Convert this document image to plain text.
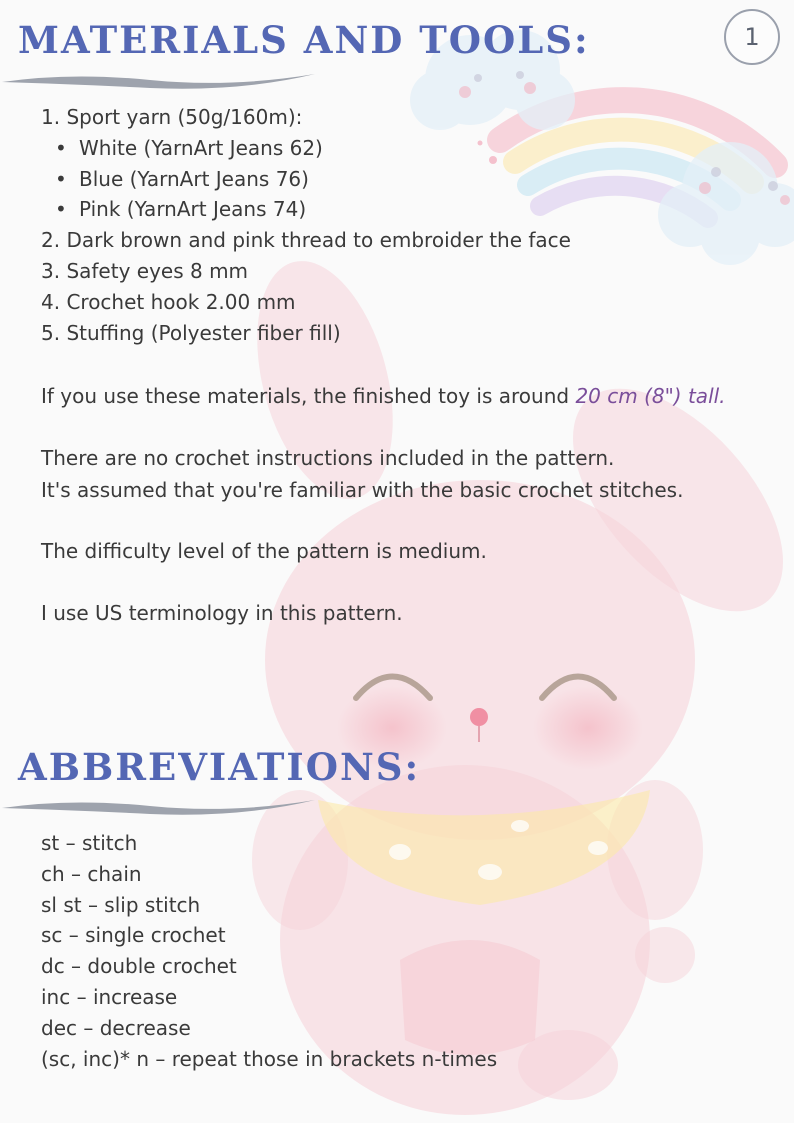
1
MATERIALS AND TOOLS:
1. Sport yarn (50g/160m):
• White (YarnArt Jeans 62)
• Blue (YarnArt Jeans 76)
• Pink (YarnArt Jeans 74)
2. Dark brown and pink thread to embroider the face
3. Safety eyes 8 mm
4. Crochet hook 2.00 mm
5. Stuffing (Polyester fiber fill)

If you use these materials, the finished toy is around 20 cm (8") tall.

There are no crochet instructions included in the pattern.
It's assumed that you're familiar with the basic crochet stitches.

The difficulty level of the pattern is medium.

I use US terminology in this pattern.

ABBREVIATIONS:
st – stitch
ch – chain
sl st – slip stitch
sc – single crochet
dc – double crochet
inc – increase
dec – decrease
(sc, inc)* n – repeat those in brackets n-times
